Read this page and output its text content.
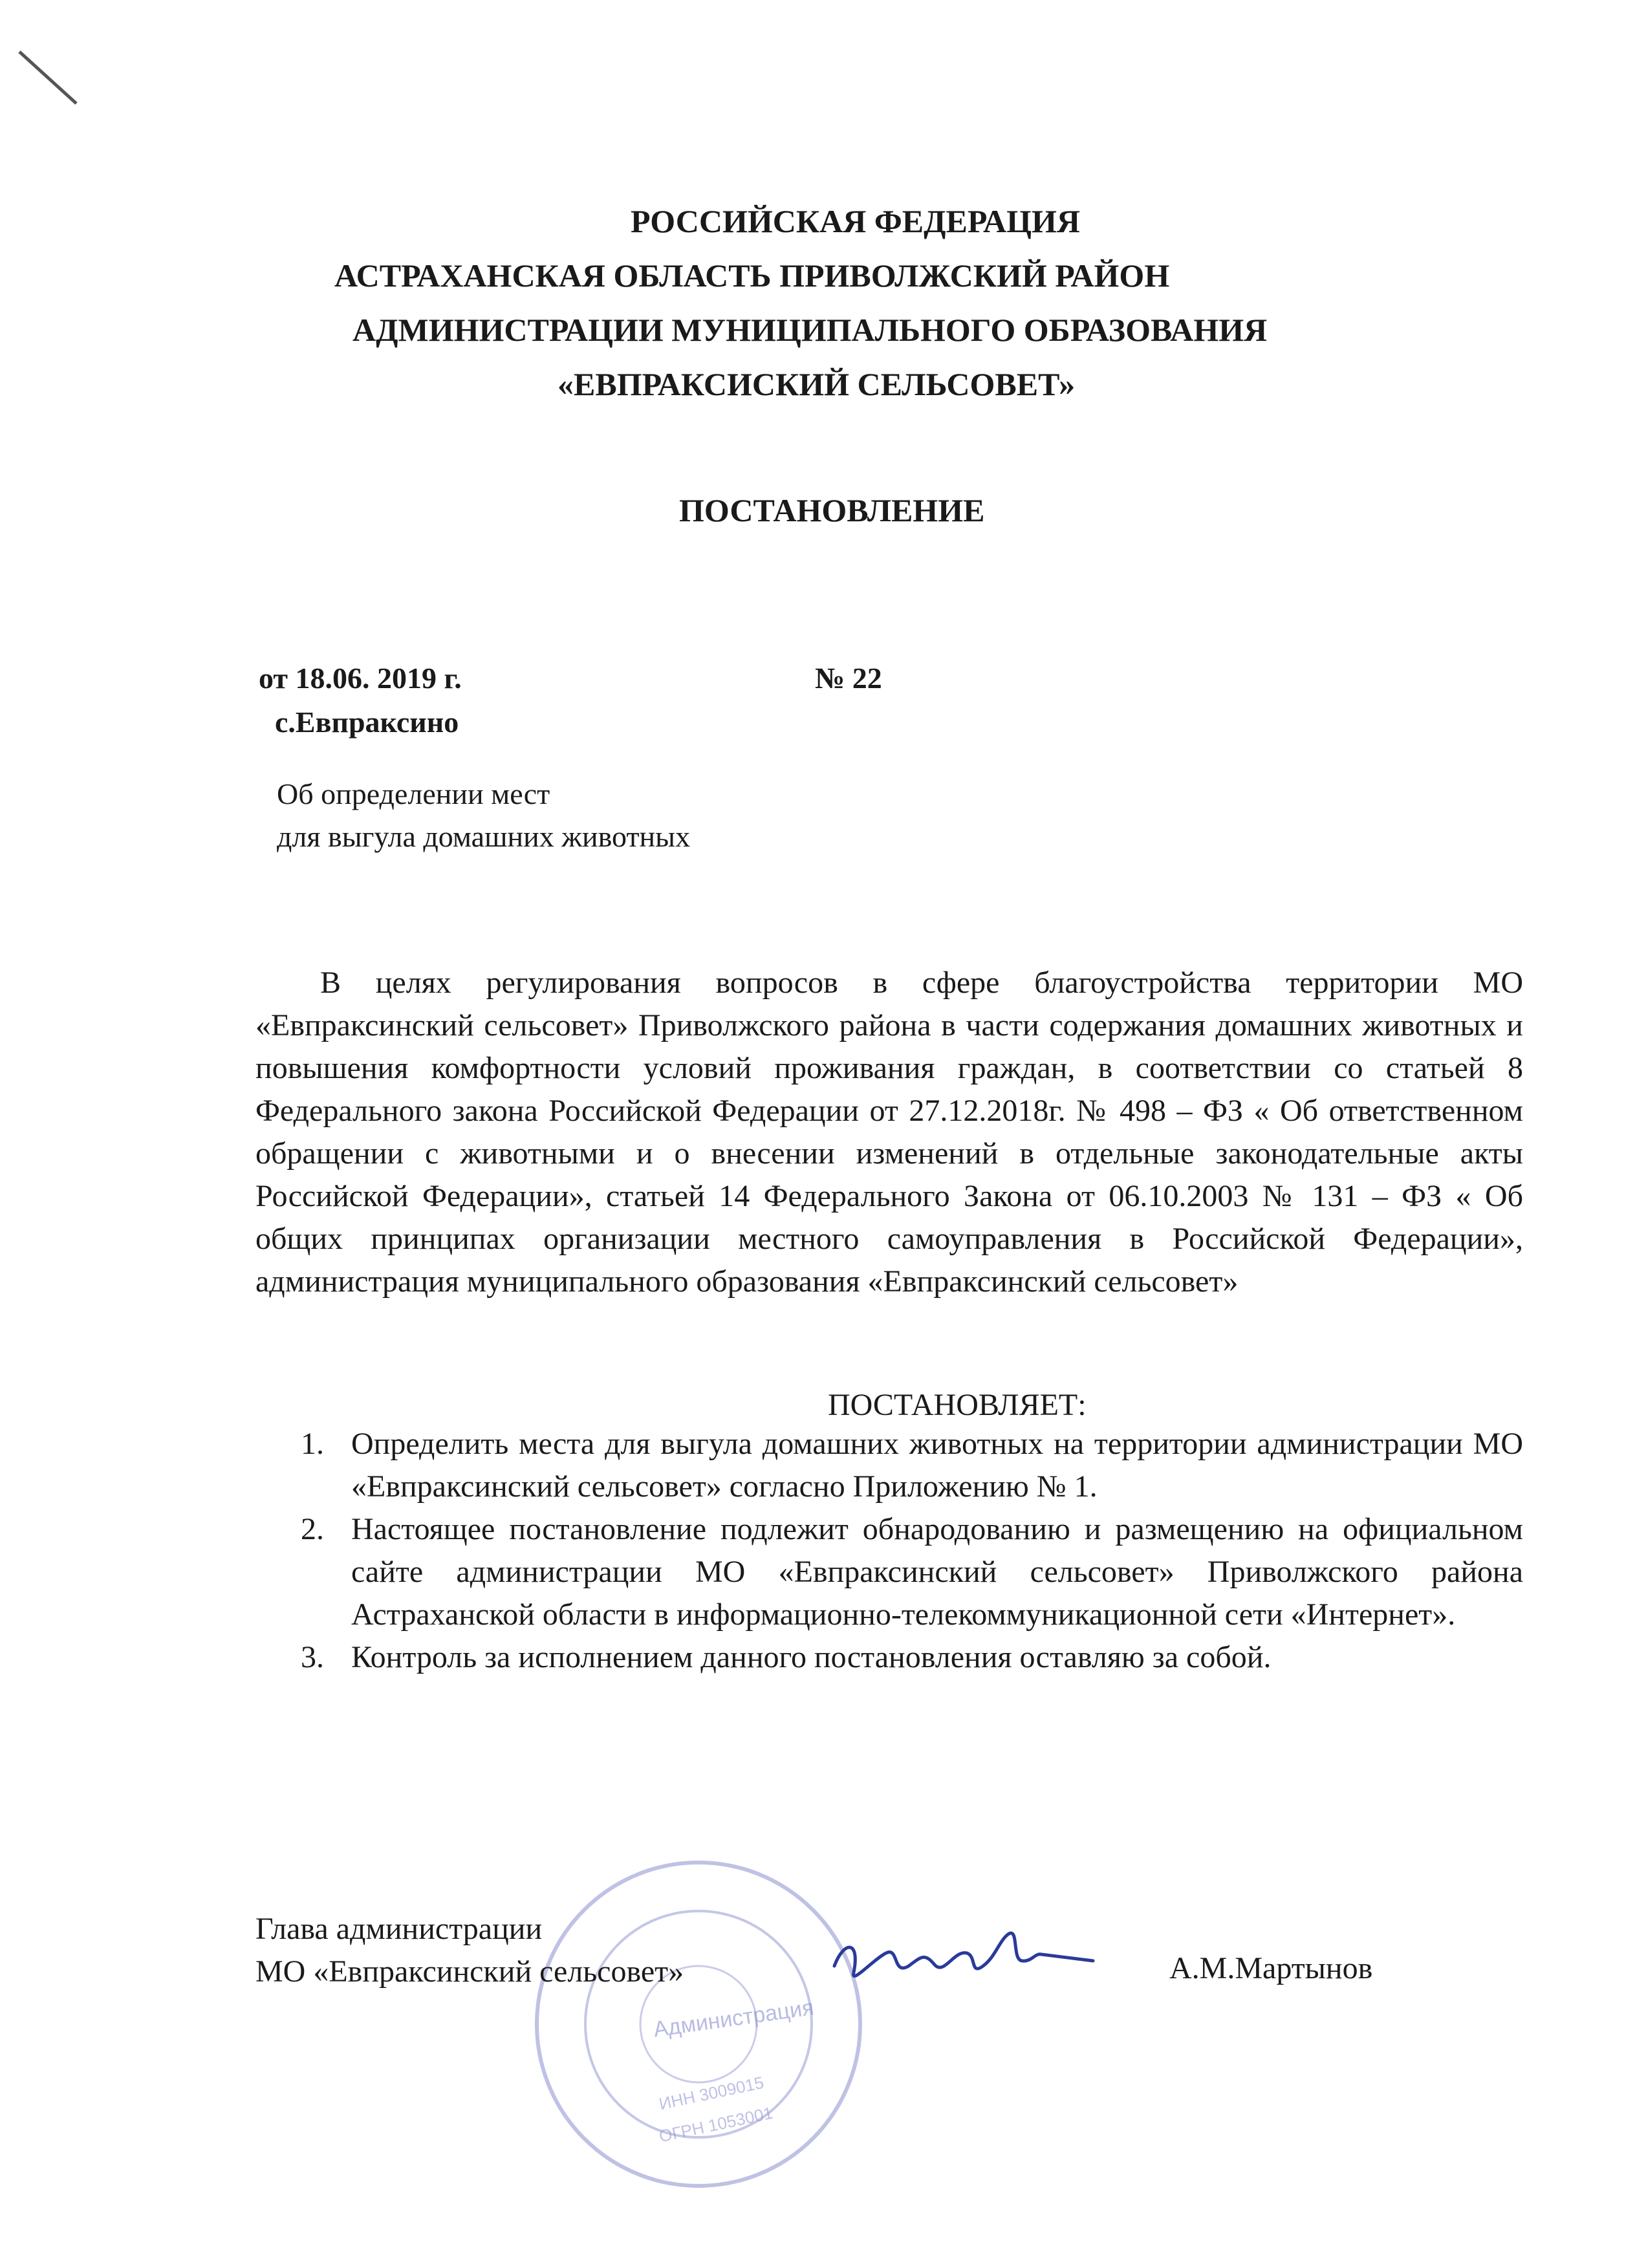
РОССИЙСКАЯ ФЕДЕРАЦИЯ
АСТРАХАНСКАЯ ОБЛАСТЬ ПРИВОЛЖСКИЙ РАЙОН
АДМИНИСТРАЦИИ МУНИЦИПАЛЬНОГО ОБРАЗОВАНИЯ
«ЕВПРАКСИСКИЙ СЕЛЬСОВЕТ»
ПОСТАНОВЛЕНИЕ
от 18.06. 2019 г.	№ 22
с.Евпраксино
Об определении мест
для выгула домашних животных

В целях регулирования вопросов в сфере благоустройства территории МО «Евпраксинский сельсовет» Приволжского района в части содержания домашних животных и повышения комфортности условий проживания граждан, в соответствии со статьей 8 Федерального закона Российской Федерации от 27.12.2018г. № 498 – ФЗ « Об ответственном обращении с животными и о внесении изменений в отдельные законодательные акты Российской Федерации», статьей 14 Федерального Закона от 06.10.2003 № 131 – ФЗ « Об общих принципах организации местного самоуправления в Российской Федерации», администрация муниципального образования «Евпраксинский сельсовет»

ПОСТАНОВЛЯЕТ:
1. Определить места для выгула домашних животных на территории администрации МО «Евпраксинский сельсовет» согласно Приложению № 1.
2. Настоящее постановление подлежит обнародованию и размещению на официальном сайте администрации МО «Евпраксинский сельсовет» Приволжского района Астраханской области в информационно-телекоммуникационной сети «Интернет».
3. Контроль за исполнением данного постановления оставляю за собой.
Администрация
ИНН 3009015
ОГРН 1053001
Глава администрации
МО «Евпраксинский сельсовет»	А.М.Мартынов
